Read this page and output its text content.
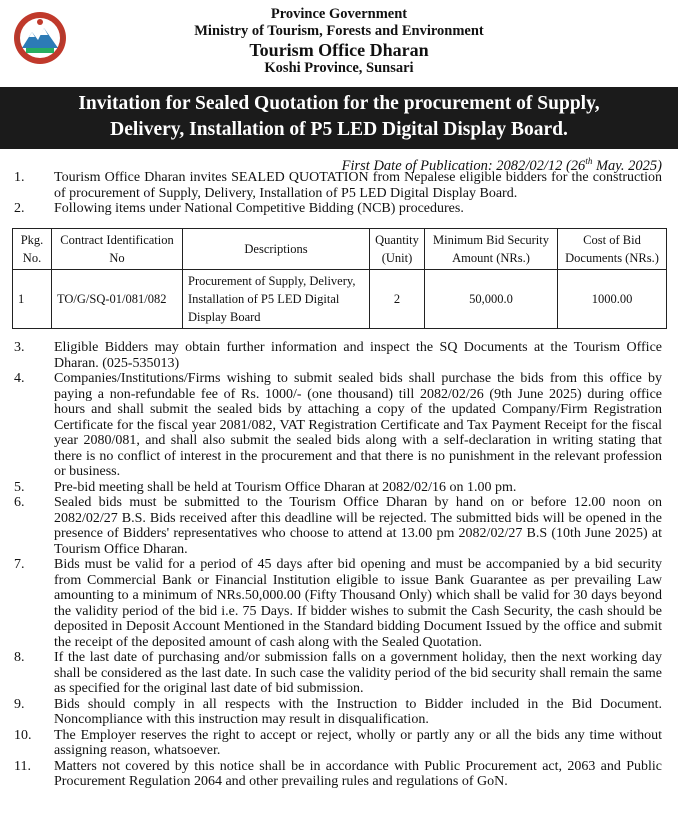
Province Government
Ministry of Tourism, Forests and Environment
Tourism Office Dharan
Koshi Province, Sunsari
Invitation for Sealed Quotation for the procurement of Supply,
Delivery, Installation of P5 LED Digital Display Board.
First Date of Publication: 2082/02/12 (26th May. 2025)
1.	Tourism Office Dharan invites SEALED QUOTATION from Nepalese eligible bidders for the construction of procurement of Supply, Delivery, Installation of P5 LED Digital Display Board.
2.	Following items under National Competitive Bidding (NCB) procedures.
Pkg. No.	Contract Identification No	Descriptions	Quantity (Unit)	Minimum Bid Security Amount (NRs.)	Cost of Bid Documents (NRs.)
1	TO/G/SQ-01/081/082	Procurement of Supply, Delivery, Installation of P5 LED Digital Display Board	2	50,000.0	1000.00
3.	Eligible Bidders may obtain further information and inspect the SQ Documents at the Tourism Office Dharan. (025-535013)
4.	Companies/Institutions/Firms wishing to submit sealed bids shall purchase the bids from this office by paying a non-refundable fee of Rs. 1000/- (one thousand) till 2082/02/26 (9th June 2025) during office hours and shall submit the sealed bids by attaching a copy of the updated Company/Firm Registration Certificate for the fiscal year 2081/082, VAT Registration Certificate and Tax Payment Receipt for the fiscal year 2080/081, and shall also submit the sealed bids along with a self-declaration in writing stating that there is no conflict of interest in the procurement and that there is no punishment in the relevant profession or business.
5.	Pre-bid meeting shall be held at Tourism Office Dharan at 2082/02/16 on 1.00 pm.
6.	Sealed bids must be submitted to the Tourism Office Dharan by hand on or before 12.00 noon on 2082/02/27 B.S. Bids received after this deadline will be rejected. The submitted bids will be opened in the presence of Bidders' representatives who choose to attend at 13.00 pm 2082/02/27 B.S (10th June 2025) at Tourism Office Dharan.
7.	Bids must be valid for a period of 45 days after bid opening and must be accompanied by a bid security from Commercial Bank or Financial Institution eligible to issue Bank Guarantee as per prevailing Law amounting to a minimum of NRs.50,000.00 (Fifty Thousand Only) which shall be valid for 30 days beyond the validity period of the bid i.e. 75 Days. If bidder wishes to submit the Cash Security, the cash should be deposited in Deposit Account Mentioned in the Standard bidding Document Issued by the office and submit the receipt of the deposited amount of cash along with the Sealed Quotation.
8.	If the last date of purchasing and/or submission falls on a government holiday, then the next working day shall be considered as the last date. In such case the validity period of the bid security shall remain the same as specified for the original last date of bid submission.
9.	Bids should comply in all respects with the Instruction to Bidder included in the Bid Document. Noncompliance with this instruction may result in disqualification.
10.	The Employer reserves the right to accept or reject, wholly or partly any or all the bids any time without assigning reason, whatsoever.
11.	Matters not covered by this notice shall be in accordance with Public Procurement act, 2063 and Public Procurement Regulation 2064 and other prevailing rules and regulations of GoN.
